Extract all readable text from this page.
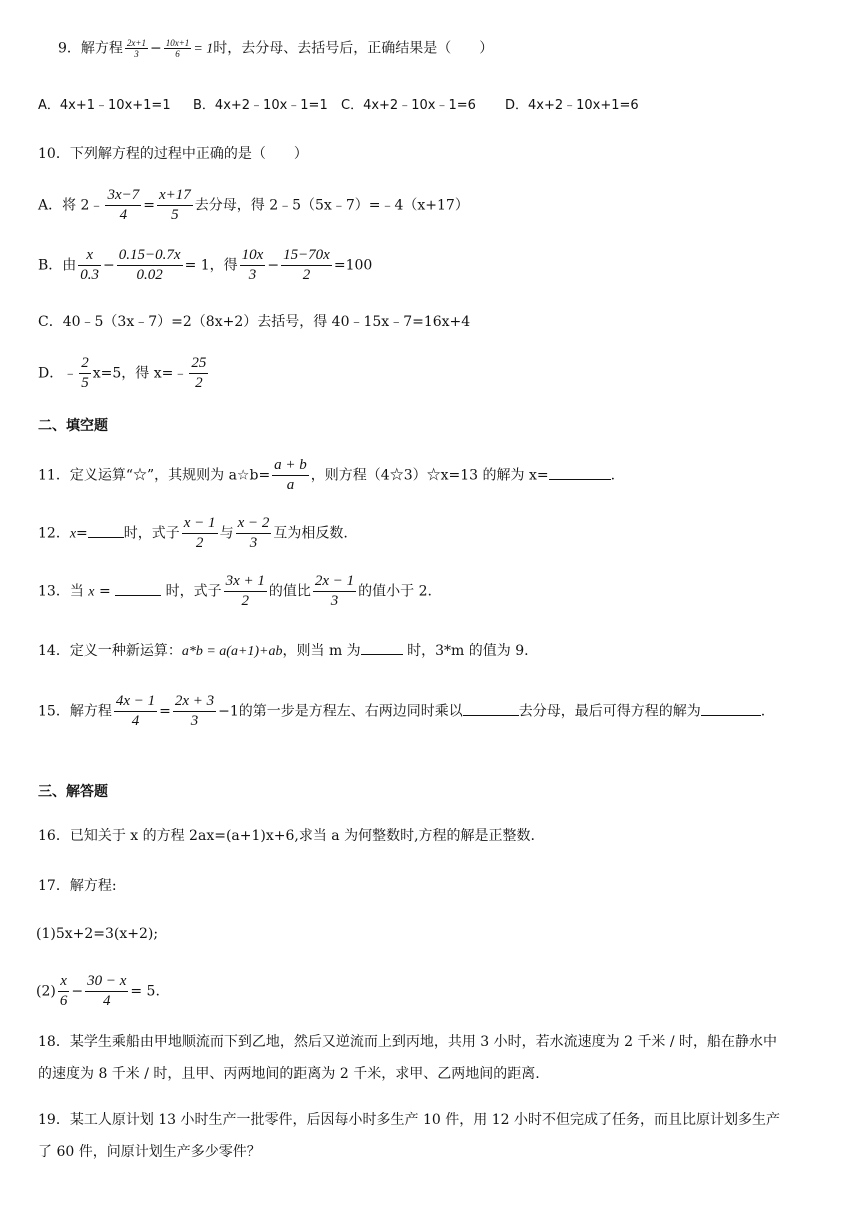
9．解方程 $\frac{2x+1}{3} - \frac{10x+1}{6} = 1$时，去分母、去括号后，正确结果是（　　）
A．4x+1﹣10x+1=1 B．4x+2﹣10x﹣1=1 C．4x+2﹣10x﹣1=6 D．4x+2﹣10x+1=6
10．下列解方程的过程中正确的是（　　）
A．将 2﹣ $\frac{3x-7}{4} = \frac{x+17}{5}$ 去分母，得 2﹣5（5x﹣7）=﹣4（x+17）
B．由 $\frac{x}{0.3} - \frac{0.15-0.7x}{0.02} = 1$，得 $\frac{10x}{3} - \frac{15-70x}{2} =100$
C．40﹣5（3x﹣7）=2（8x+2）去括号，得 40﹣15x﹣7=16x+4
D．﹣ $\frac{2}{5} x=5$，得 x=﹣ $\frac{25}{2}$
二、填空题
11．定义运算“☆”，其规则为 a☆b= $\frac{a + b}{a}$ ，则方程（4☆3）☆x=13 的解为 x=	.
12．x=	时，式子 $\frac{x - 1}{2}$ 与 $\frac{x - 2}{3}$ 互为相反数.
13．当 x =	时，式子 $\frac{3x + 1}{2}$ 的值比 $\frac{2x - 1}{3}$ 的值小于 2.
14．定义一种新运算：a*b = a(a+1)+ab，则当 m 为	时，3*m 的值为 9.
15．解方程 $\frac{4x - 1}{4} = \frac{2x + 3}{3} -1$的第一步是方程左、右两边同时乘以	去分母，最后可得方程的解为	.
三、解答题
16．已知关于 x 的方程 2ax=(a+1)x+6,求当 a 为何整数时,方程的解是正整数.
17．解方程:
(1)5x+2=3(x+2);
$(2) \frac{x}{6} - \frac{30 - x}{4} = 5$.
18．某学生乘船由甲地顺流而下到乙地，然后又逆流而上到丙地，共用 3 小时，若水流速度为 2 千米 / 时，船在静水中
的速度为 8 千米 / 时，且甲、丙两地间的距离为 2 千米，求甲、乙两地间的距离.
19．某工人原计划 13 小时生产一批零件，后因每小时多生产 10 件，用 12 小时不但完成了任务，而且比原计划多生产
了 60 件，问原计划生产多少零件？
